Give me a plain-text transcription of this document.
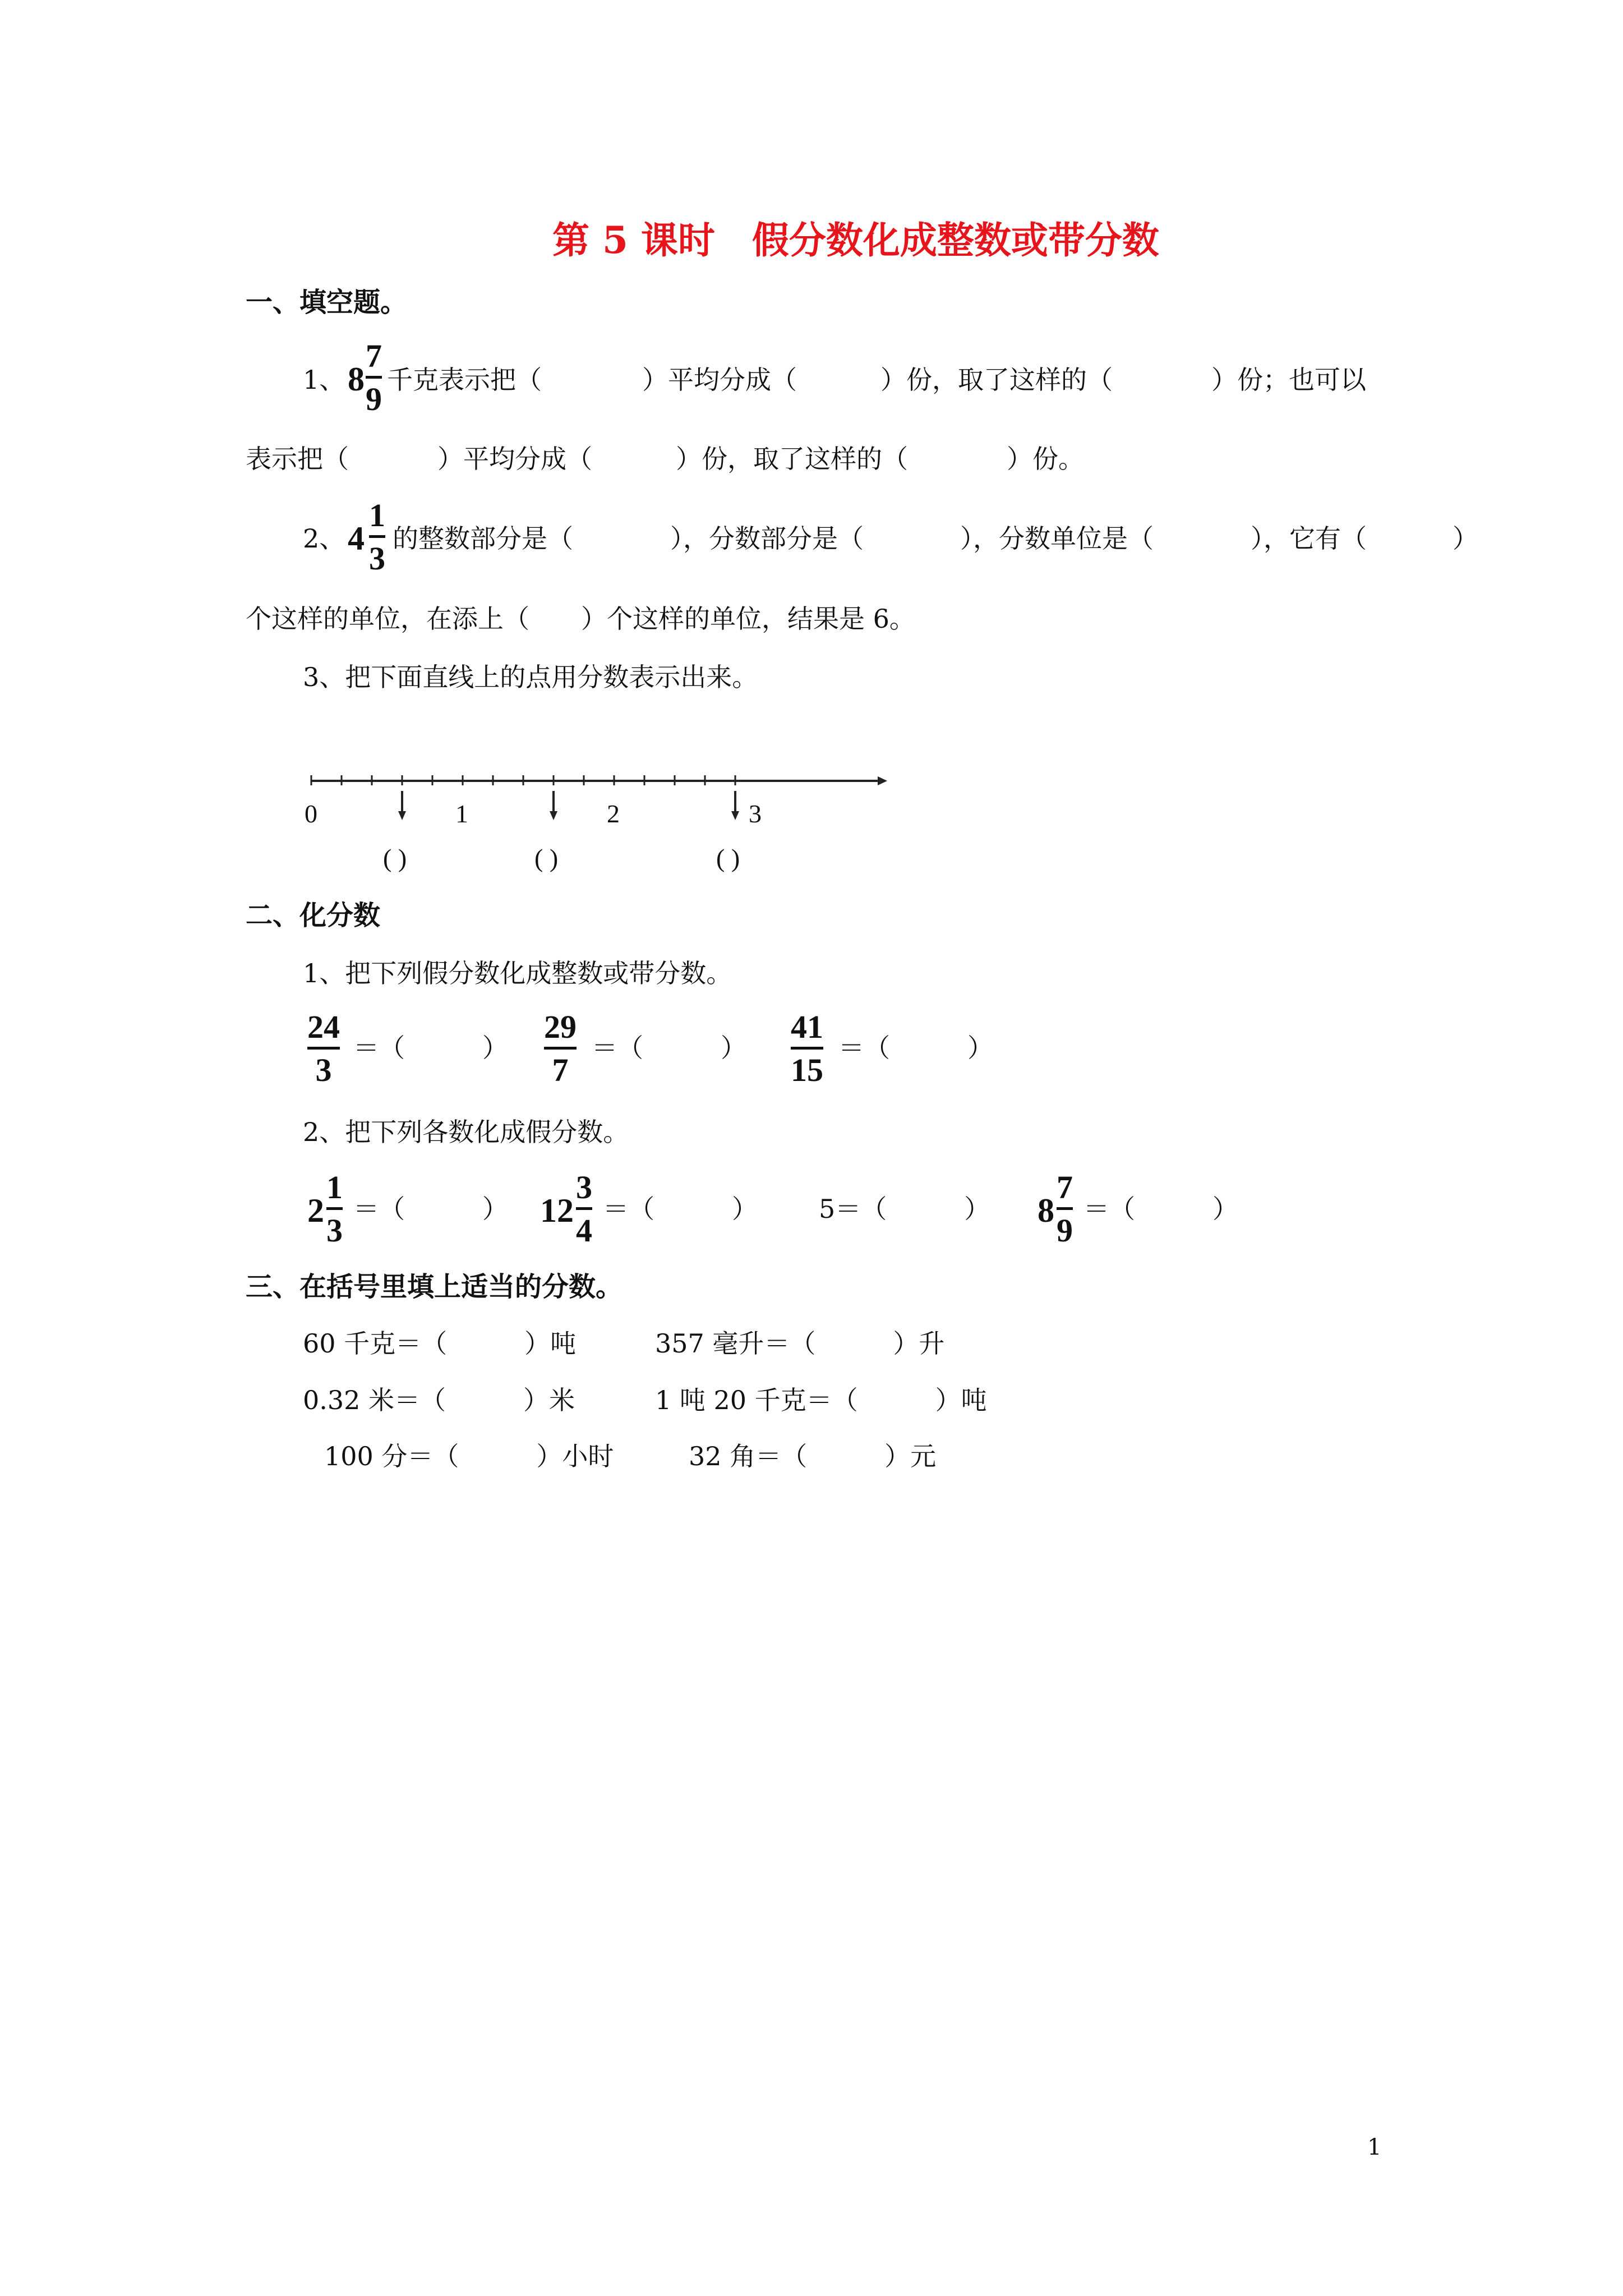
第 5 课时　假分数化成整数或带分数
一、填空题。
1、 8
7
9
千克表示把（	）平均分成（	）份，取了这样的（	）份；也可以
表示把（	）平均分成（	）份，取了这样的（	）份。
2、 4
1
3
的整数部分是（	），分数部分是（	），分数单位是（	），它有（	）
个这样的单位，在添上（　　）个这样的单位，结果是 6。
3、把下面直线上的点用分数表示出来。
0	1	2	3
( )	( )	( )
二、化分数
1、把下列假分数化成整数或带分数。
24
3
＝（　　　）
29
7
＝（　　　）
41
15
＝（　　　）
2、把下列各数化成假分数。
2
1
3
＝（　　　） 12
3
4
＝（　　　） 5＝（　　　） 8
7
9
＝（　　　）
三、在括号里填上适当的分数。
60 千克＝（　　　）吨	357 毫升＝（　　　）升
0.32 米＝（　　　）米	1 吨 20 千克＝（　　　）吨
100 分＝（　　　）小时	32 角＝（　　　）元
1
